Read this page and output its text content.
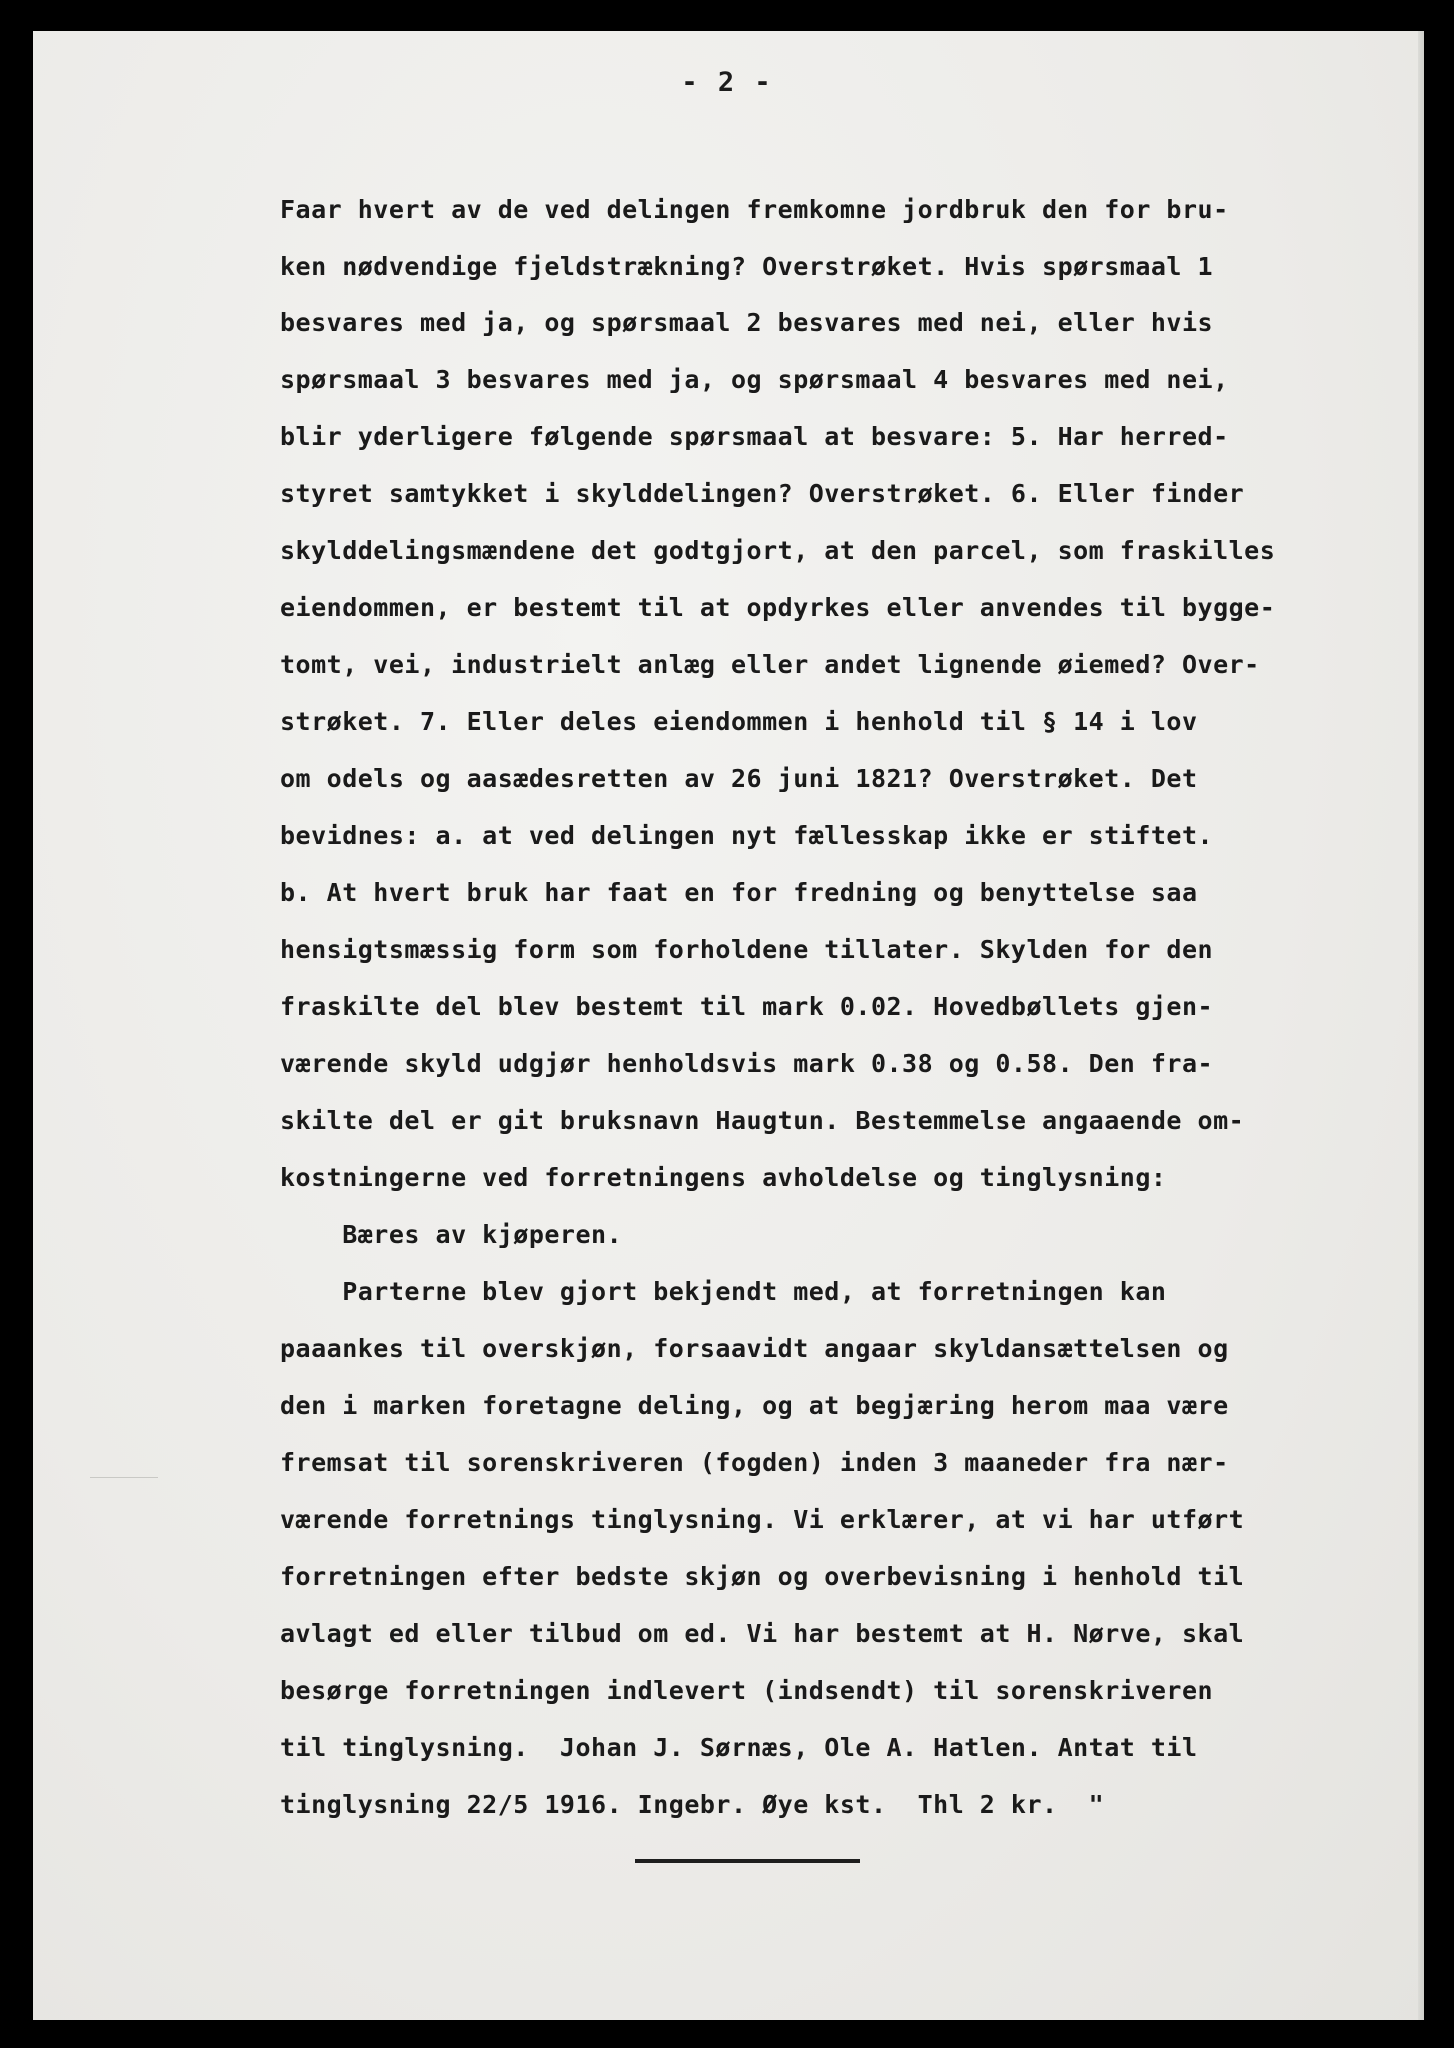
- 2 -
Faar hvert av de ved delingen fremkomne jordbruk den for bru-
ken nødvendige fjeldstrækning? Overstrøket. Hvis spørsmaal 1
besvares med ja, og spørsmaal 2 besvares med nei, eller hvis
spørsmaal 3 besvares med ja, og spørsmaal 4 besvares med nei,
blir yderligere følgende spørsmaal at besvare: 5. Har herred-
styret samtykket i skylddelingen? Overstrøket. 6. Eller finder
skylddelingsmændene det godtgjort, at den parcel, som fraskilles
eiendommen, er bestemt til at opdyrkes eller anvendes til bygge-
tomt, vei, industrielt anlæg eller andet lignende øiemed? Over-
strøket. 7. Eller deles eiendommen i henhold til § 14 i lov
om odels og aasædesretten av 26 juni 1821? Overstrøket. Det
bevidnes: a. at ved delingen nyt fællesskap ikke er stiftet.
b. At hvert bruk har faat en for fredning og benyttelse saa
hensigtsmæssig form som forholdene tillater. Skylden for den
fraskilte del blev bestemt til mark 0.02. Hovedbøllets gjen-
værende skyld udgjør henholdsvis mark 0.38 og 0.58. Den fra-
skilte del er git bruksnavn Haugtun. Bestemmelse angaaende om-
kostningerne ved forretningens avholdelse og tinglysning:
Bæres av kjøperen.
Parterne blev gjort bekjendt med, at forretningen kan
paaankes til overskjøn, forsaavidt angaar skyldansættelsen og
den i marken foretagne deling, og at begjæring herom maa være
fremsat til sorenskriveren (fogden) inden 3 maaneder fra nær-
værende forretnings tinglysning. Vi erklærer, at vi har utført
forretningen efter bedste skjøn og overbevisning i henhold til
avlagt ed eller tilbud om ed. Vi har bestemt at H. Nørve, skal
besørge forretningen indlevert (indsendt) til sorenskriveren
til tinglysning.  Johan J. Sørnæs, Ole A. Hatlen. Antat til
tinglysning 22/5 1916. Ingebr. Øye kst.  Thl 2 kr.  "
